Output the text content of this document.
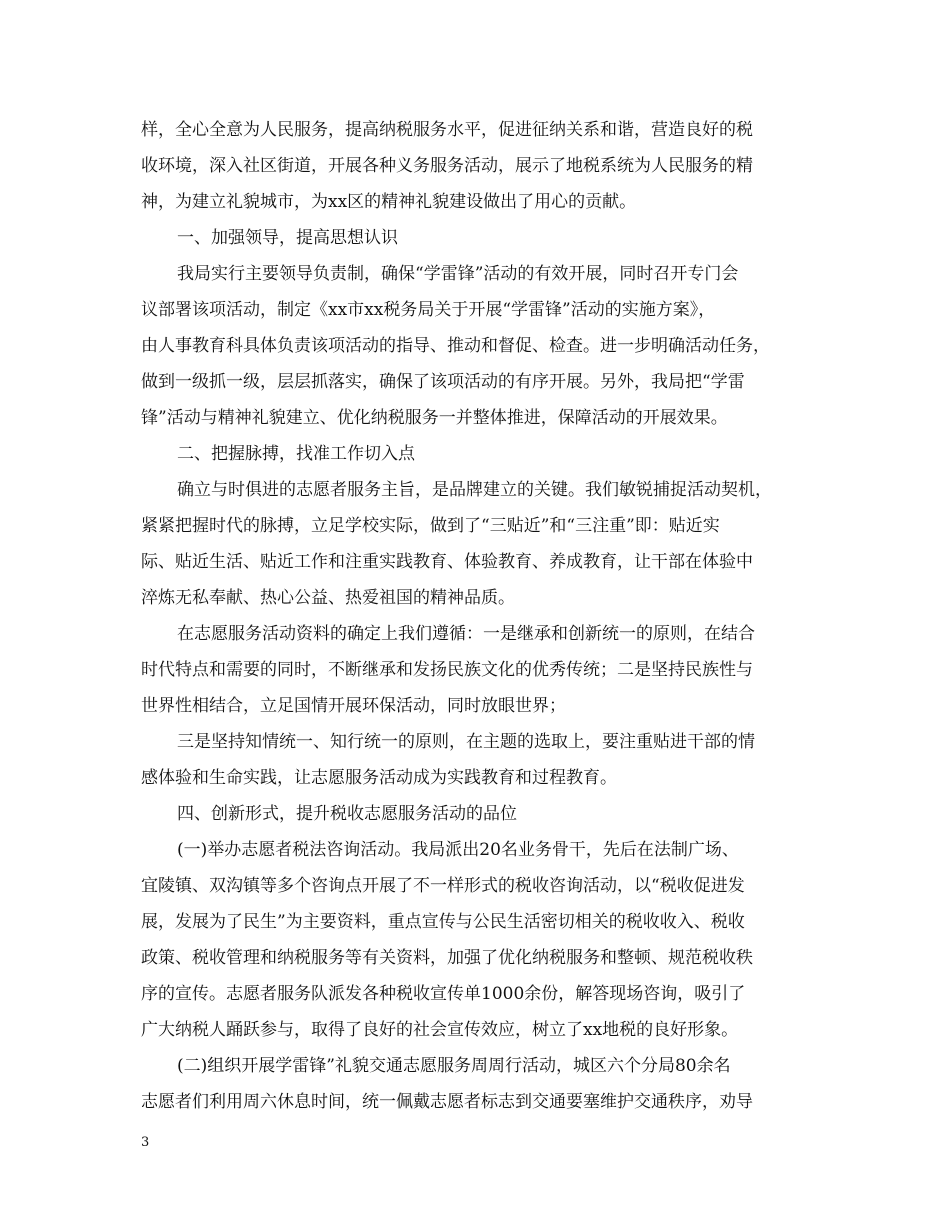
样，全心全意为人民服务，提高纳税服务水平，促进征纳关系和谐，营造良好的税
收环境，深入社区街道，开展各种义务服务活动，展示了地税系统为人民服务的精
神，为建立礼貌城市，为xx区的精神礼貌建设做出了用心的贡献。
一、加强领导，提高思想认识
我局实行主要领导负责制，确保“学雷锋”活动的有效开展，同时召开专门会
议部署该项活动，制定《xx市xx税务局关于开展“学雷锋”活动的实施方案》，
由人事教育科具体负责该项活动的指导、推动和督促、检查。进一步明确活动任务，
做到一级抓一级，层层抓落实，确保了该项活动的有序开展。另外，我局把“学雷
锋”活动与精神礼貌建立、优化纳税服务一并整体推进，保障活动的开展效果。
二、把握脉搏，找准工作切入点
确立与时俱进的志愿者服务主旨，是品牌建立的关键。我们敏锐捕捉活动契机，
紧紧把握时代的脉搏，立足学校实际，做到了“三贴近”和“三注重”即：贴近实
际、贴近生活、贴近工作和注重实践教育、体验教育、养成教育，让干部在体验中
淬炼无私奉献、热心公益、热爱祖国的精神品质。
在志愿服务活动资料的确定上我们遵循：一是继承和创新统一的原则，在结合
时代特点和需要的同时，不断继承和发扬民族文化的优秀传统；二是坚持民族性与
世界性相结合，立足国情开展环保活动，同时放眼世界；
三是坚持知情统一、知行统一的原则，在主题的选取上，要注重贴进干部的情
感体验和生命实践，让志愿服务活动成为实践教育和过程教育。
四、创新形式，提升税收志愿服务活动的品位
(一)举办志愿者税法咨询活动。我局派出20名业务骨干，先后在法制广场、
宜陵镇、双沟镇等多个咨询点开展了不一样形式的税收咨询活动，以“税收促进发
展，发展为了民生”为主要资料，重点宣传与公民生活密切相关的税收收入、税收
政策、税收管理和纳税服务等有关资料，加强了优化纳税服务和整顿、规范税收秩
序的宣传。志愿者服务队派发各种税收宣传单1000余份，解答现场咨询，吸引了
广大纳税人踊跃参与，取得了良好的社会宣传效应，树立了xx地税的良好形象。
(二)组织开展学雷锋”礼貌交通志愿服务周周行活动，城区六个分局80余名
志愿者们利用周六休息时间，统一佩戴志愿者标志到交通要塞维护交通秩序，劝导
3
